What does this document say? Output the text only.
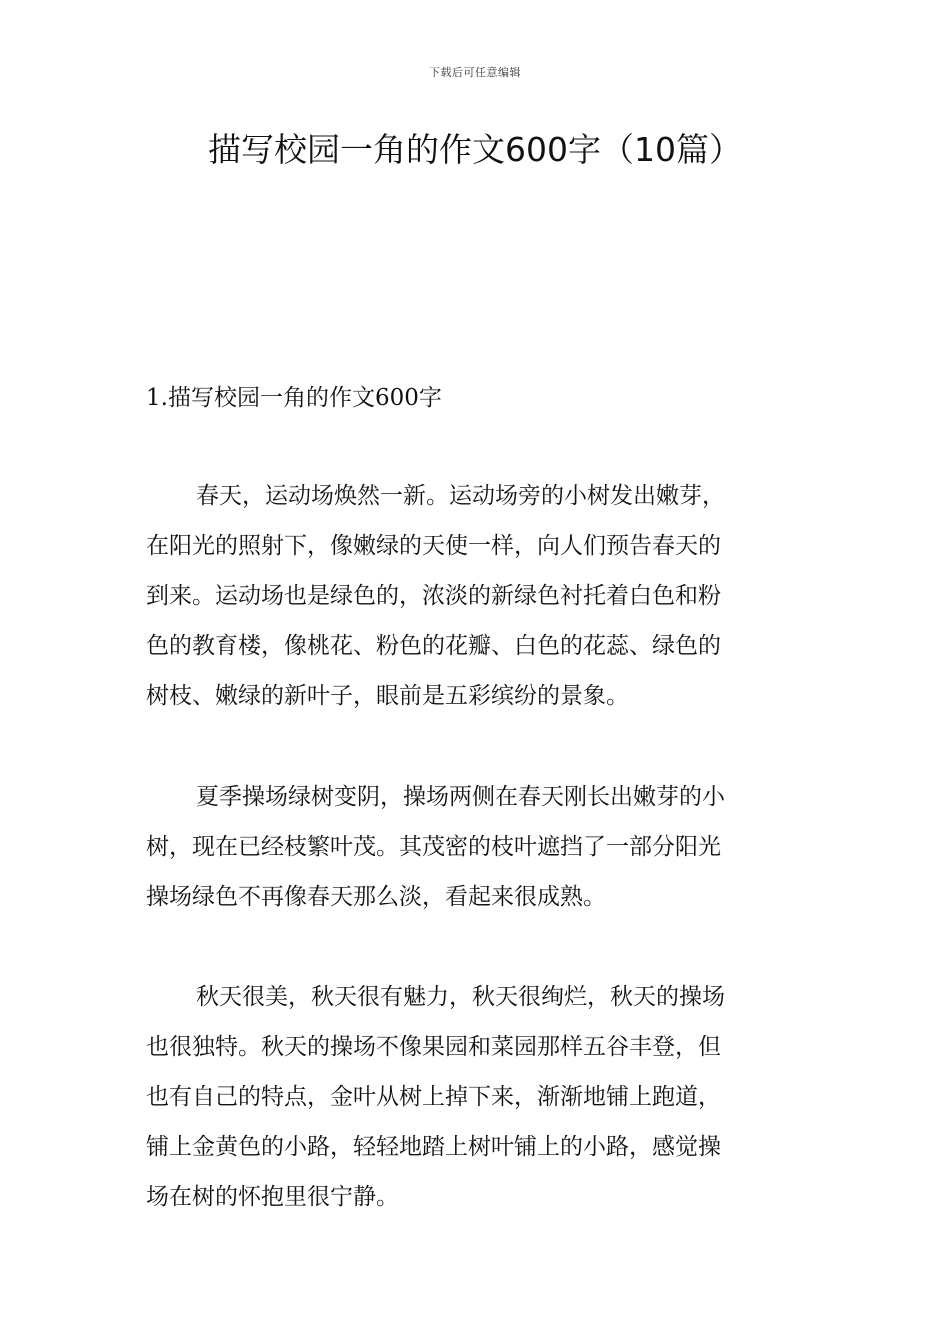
下载后可任意编辑
描写校园一角的作文600字（10篇）
1.描写校园一角的作文600字

春天，运动场焕然一新。运动场旁的小树发出嫩芽，
在阳光的照射下，像嫩绿的天使一样，向人们预告春天的
到来。运动场也是绿色的，浓淡的新绿色衬托着白色和粉
色的教育楼，像桃花、粉色的花瓣、白色的花蕊、绿色的
树枝、嫩绿的新叶子，眼前是五彩缤纷的景象。

夏季操场绿树变阴，操场两侧在春天刚长出嫩芽的小
树，现在已经枝繁叶茂。其茂密的枝叶遮挡了一部分阳光
操场绿色不再像春天那么淡，看起来很成熟。

秋天很美，秋天很有魅力，秋天很绚烂，秋天的操场
也很独特。秋天的操场不像果园和菜园那样五谷丰登，但
也有自己的特点，金叶从树上掉下来，渐渐地铺上跑道，
铺上金黄色的小路，轻轻地踏上树叶铺上的小路，感觉操
场在树的怀抱里很宁静。
